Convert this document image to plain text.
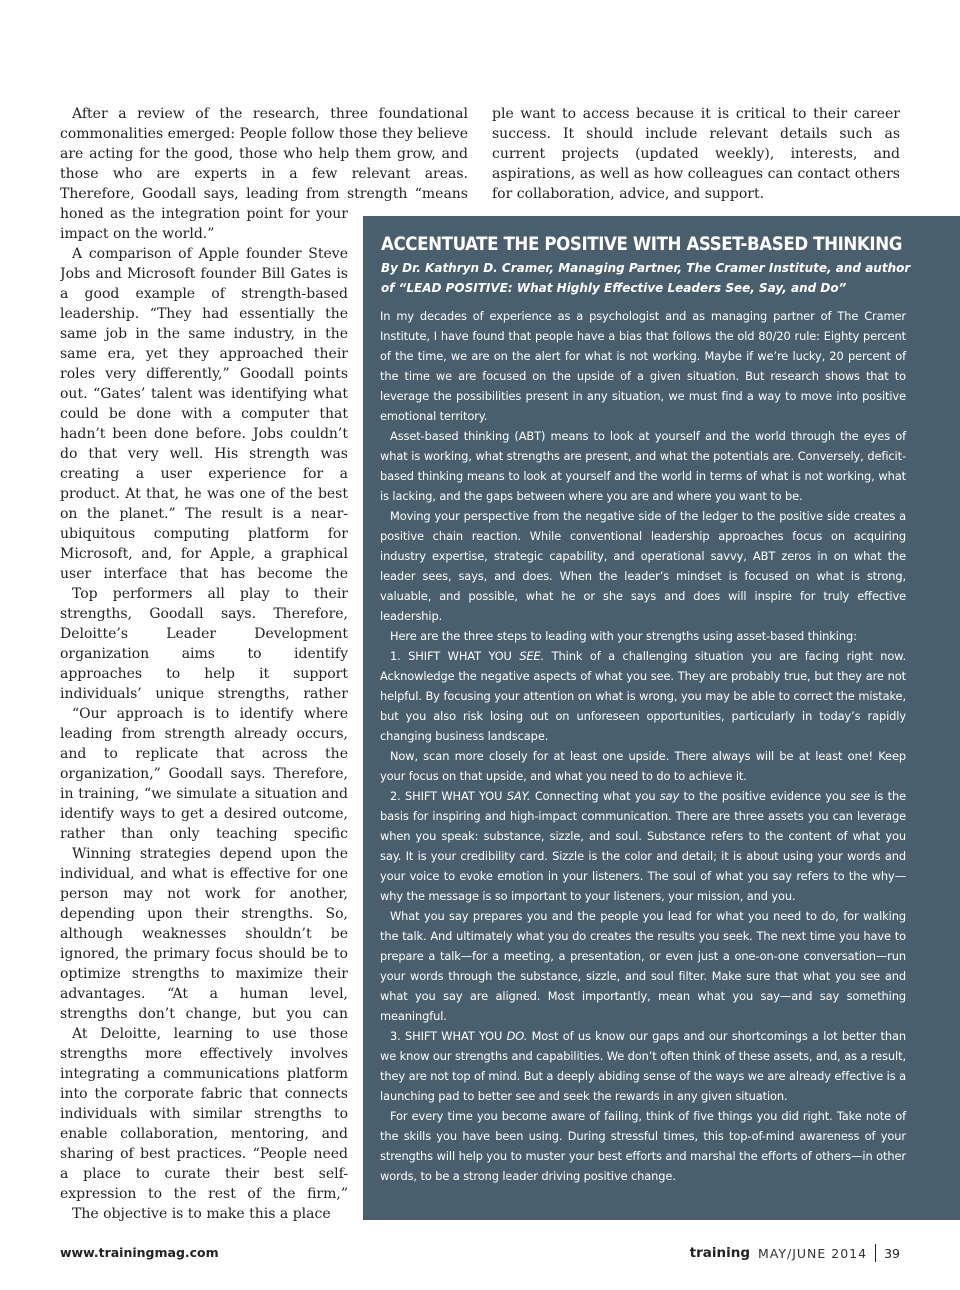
After a review of the research, three foundational commonalities emerged: People follow those they believe are acting for the good, those who help them grow, and those who are experts in a few relevant areas. Therefore, Goodall says, leading from strength “means

honed as the integration point for your impact on the world.”

A comparison of Apple founder Steve Jobs and Microsoft founder Bill Gates is a good example of strength-based leadership. “They had essentially the same job in the same industry, in the same era, yet they approached their roles very differently,” Goodall points out. “Gates’ talent was identifying what could be done with a computer that hadn’t been done before. Jobs couldn’t do that very well. His strength was creating a user experience for a product. At that, he was one of the best on the planet.” The result is a near-ubiquitous computing platform for Microsoft, and, for Apple, a graphical user interface that has become the

Top performers all play to their strengths, Goodall says. Therefore, Deloitte’s Leader Development organization aims to identify approaches to help it support individuals’ unique strengths, rather

“Our approach is to identify where leading from strength already occurs, and to replicate that across the organization,” Goodall says. Therefore, in training, “we simulate a situation and identify ways to get a desired outcome, rather than only teaching specific

Winning strategies depend upon the individual, and what is effective for one person may not work for another, depending upon their strengths. So, although weaknesses shouldn’t be ignored, the primary focus should be to optimize strengths to maximize their advantages. “At a human level, strengths don’t change, but you can

At Deloitte, learning to use those strengths more effectively involves integrating a communications platform into the corporate fabric that connects individuals with similar strengths to enable collaboration, mentoring, and sharing of best practices. “People need a place to curate their best self-expression to the rest of the firm,”

The objective is to make this a place

ple want to access because it is critical to their career success. It should include relevant details such as current projects (updated weekly), interests, and aspirations, as well as how colleagues can contact others for collaboration, advice, and support.

ACCENTUATE THE POSITIVE WITH ASSET-BASED THINKING

By Dr. Kathryn D. Cramer, Managing Partner, The Cramer Institute, and author of “LEAD POSITIVE: What Highly Effective Leaders See, Say, and Do”

In my decades of experience as a psychologist and as managing partner of The Cramer Institute, I have found that people have a bias that follows the old 80/20 rule: Eighty percent of the time, we are on the alert for what is not working. Maybe if we’re lucky, 20 percent of the time we are focused on the upside of a given situation. But research shows that to leverage the possibilities present in any situation, we must find a way to move into positive emotional territory.

Asset-based thinking (ABT) means to look at yourself and the world through the eyes of what is working, what strengths are present, and what the potentials are. Conversely, deficit-based thinking means to look at yourself and the world in terms of what is not working, what is lacking, and the gaps between where you are and where you want to be.

Moving your perspective from the negative side of the ledger to the positive side creates a positive chain reaction. While conventional leadership approaches focus on acquiring industry expertise, strategic capability, and operational savvy, ABT zeros in on what the leader sees, says, and does. When the leader’s mindset is focused on what is strong, valuable, and possible, what he or she says and does will inspire for truly effective leadership.

Here are the three steps to leading with your strengths using asset-based thinking:

1. SHIFT WHAT YOU SEE. Think of a challenging situation you are facing right now. Acknowledge the negative aspects of what you see. They are probably true, but they are not helpful. By focusing your attention on what is wrong, you may be able to correct the mistake, but you also risk losing out on unforeseen opportunities, particularly in today’s rapidly changing business landscape.

Now, scan more closely for at least one upside. There always will be at least one! Keep your focus on that upside, and what you need to do to achieve it.

2. SHIFT WHAT YOU SAY. Connecting what you say to the positive evidence you see is the basis for inspiring and high-impact communication. There are three assets you can leverage when you speak: substance, sizzle, and soul. Substance refers to the content of what you say. It is your credibility card. Sizzle is the color and detail; it is about using your words and your voice to evoke emotion in your listeners. The soul of what you say refers to the why—why the message is so important to your listeners, your mission, and you.

What you say prepares you and the people you lead for what you need to do, for walking the talk. And ultimately what you do creates the results you seek. The next time you have to prepare a talk—for a meeting, a presentation, or even just a one-on-one conversation—run your words through the substance, sizzle, and soul filter. Make sure that what you see and what you say are aligned. Most importantly, mean what you say—and say something meaningful.

3. SHIFT WHAT YOU DO. Most of us know our gaps and our shortcomings a lot better than we know our strengths and capabilities. We don’t often think of these assets, and, as a result, they are not top of mind. But a deeply abiding sense of the ways we are already effective is a launching pad to better see and seek the rewards in any given situation.

For every time you become aware of failing, think of five things you did right. Take note of the skills you have been using. During stressful times, this top-of-mind awareness of your strengths will help you to muster your best efforts and marshal the efforts of others—in other words, to be a strong leader driving positive change.

www.trainingmag.com	training MAY/JUNE 2014 39
